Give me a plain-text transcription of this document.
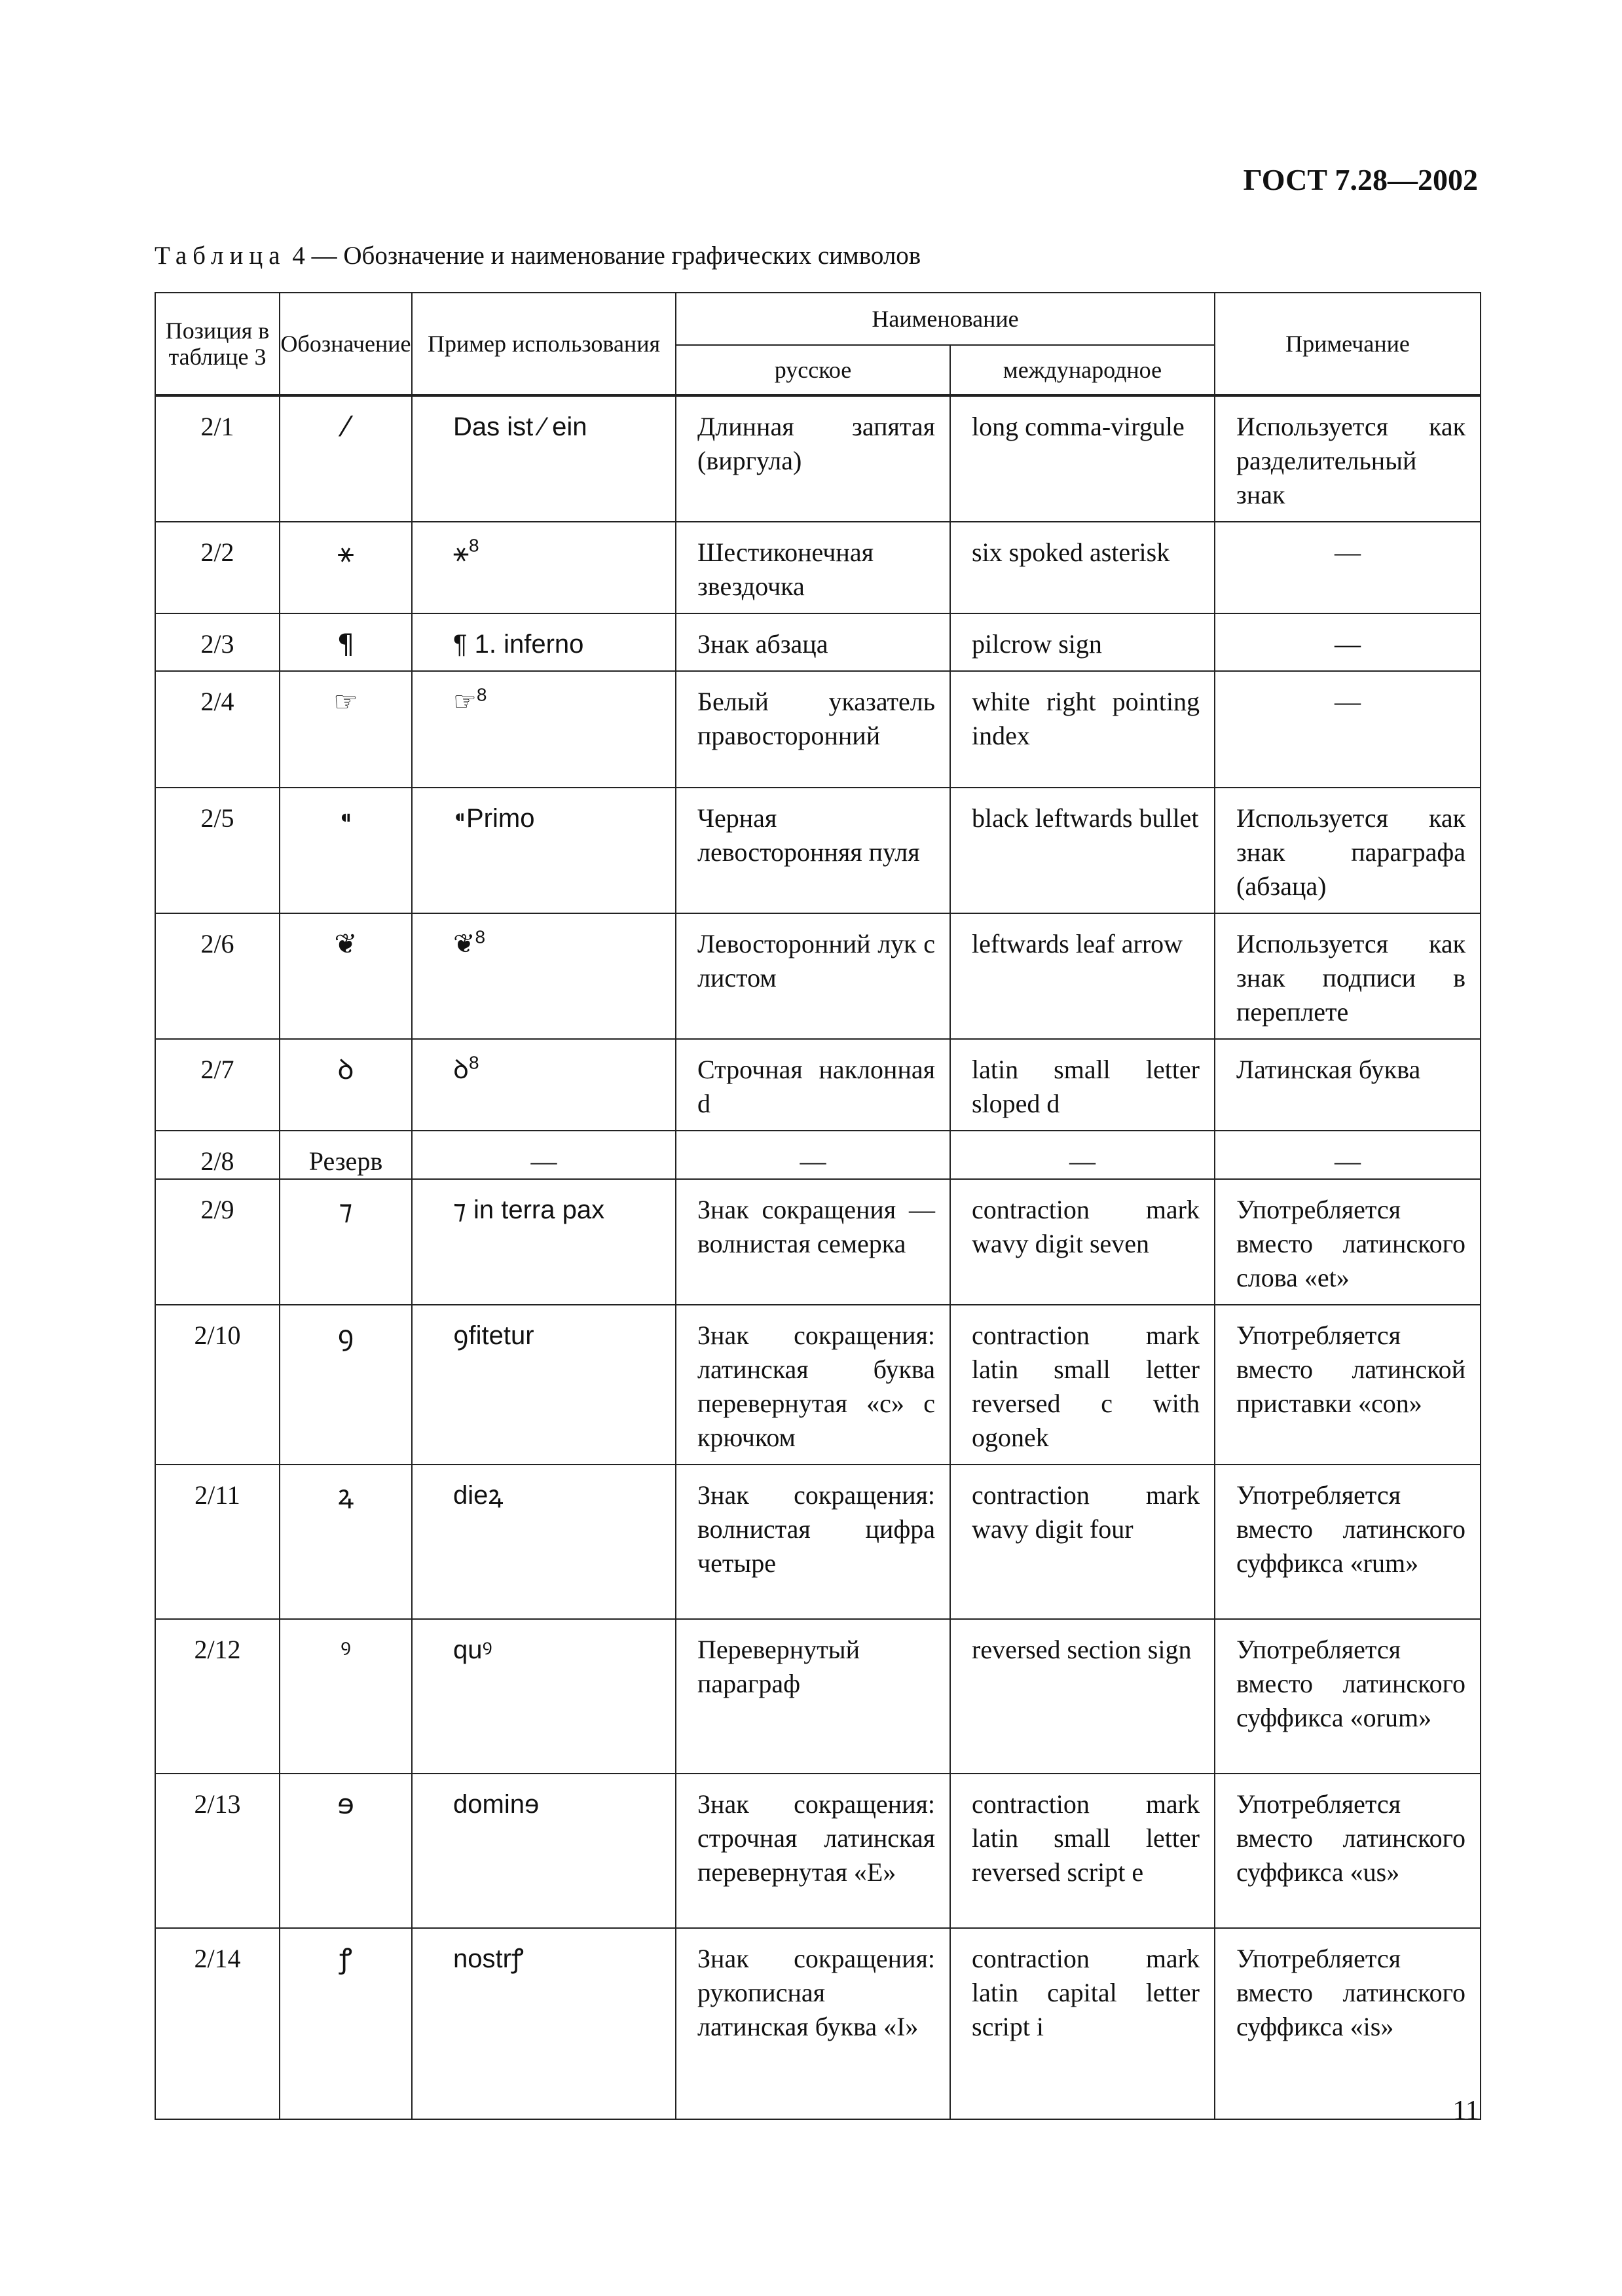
ГОСТ 7.28—2002
Таблица 4 — Обозначение и наименование графических символов
Позиция в таблице 3	Обозначение	Пример использования	Наименование		Примечание
			русское	международное	

2/1	⁄	Das ist ⁄ ein	Длинная запятая (виргула)	long comma-virgule	Используется как разделительный знак
2/2	⚹	⚹$^8$	Шестиконечная звездочка	six spoked asterisk	—
2/3	¶	¶ 1. inferno	Знак абзаца	pilcrow sign	—
2/4	☞	☞$^8$	Белый указатель правосторонний	white right pointing index	—
2/5	⁌	⁌Primo	Черная левосторонняя пуля	black leftwards bullet	Используется как знак параграфа (абзаца)
2/6	❦	❦$^8$	Левосторонний лук с листом	leftwards leaf arrow	Используется как знак подписи в переплете
2/7	ꝺ	ꝺ$^8$	Строчная наклонная d	latin small letter sloped d	Латинская буква
2/8	Резерв	—	—	—	—
2/9	⁊	⁊ in terra pax	Знак сокращения — волнистая семерка	contraction mark wavy digit seven	Употребляется вместо латинского слова «et»
2/10	ꝯ	ꝯfitetur	Знак сокращения: латинская буква перевернутая «с» с крючком	contraction mark latin small letter reversed c with ogonek	Употребляется вместо латинской приставки «con»
2/11	ꝝ	dieꝝ	Знак сокращения: волнистая цифра четыре	contraction mark wavy digit four	Употребляется вместо латинского суффикса «rum»
2/12	ꝰ	quꝰ	Перевернутый параграф	reversed section sign	Употребляется вместо латинского суффикса «orum»
2/13	ɘ	dominɘ	Знак сокращения: строчная латинская перевернутая «Е»	contraction mark latin small letter reversed script e	Употребляется вместо латинского суффикса «us»
2/14	ꝭ	nostrꝭ	Знак сокращения: рукописная латинская буква «I»	contraction mark latin capital letter script i	Употребляется вместо латинского суффикса «is»
11
